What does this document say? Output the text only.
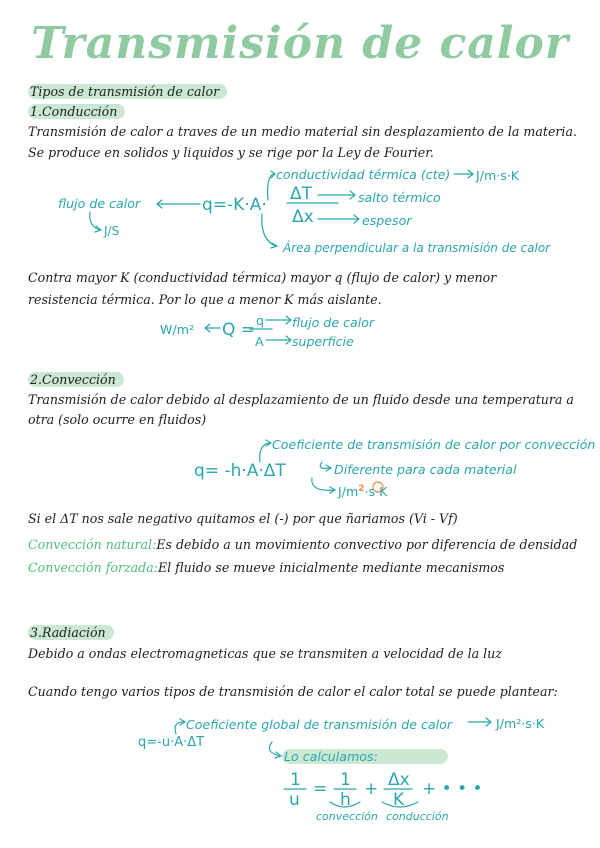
Transmisión de calor
Tipos de transmisión de calor
1.Conducción
Transmisión de calor a traves de un medio material sin desplazamiento de la materia.
Se produce en solidos y liquidos y se rige por la Ley de Fourier.
flujo de calor
J/S
q=-K·A·
ΔT
Δx
conductividad térmica (cte) J/m·s·K
salto térmico
espesor
Área perpendicular a la transmisión de calor
Contra mayor K (conductividad térmica) mayor q (flujo de calor) y menor
resistencia térmica. Por lo que a menor K más aislante.
W/m² Q = q
A
flujo de calor
superficie
2.Convección
Transmisión de calor debido al desplazamiento de un fluido desde una temperatura a
otra (solo ocurre en fluidos)
q= -h·A·ΔT
Coeficiente de transmisión de calor por convección
Diferente para cada material
$J/m^2\cdot s\cdot K$
Si el ΔT nos sale negativo quitamos el (-) por que ñariamos (Vi - Vf)
Convección natural:Es debido a un movimiento convectivo por diferencia de densidad
Convección forzada:El fluido se mueve inicialmente mediante mecanismos
3.Radiación
Debido a ondas electromagneticas que se transmiten a velocidad de la luz
Cuando tengo varios tipos de transmisión de calor el calor total se puede plantear:
q=-u·A·ΔT
Coeficiente global de transmisión de calor	J/m²·s·K
Lo calculamos:
1
u
= 1
h
+ Δx
K
+ • • •
convección conducción
